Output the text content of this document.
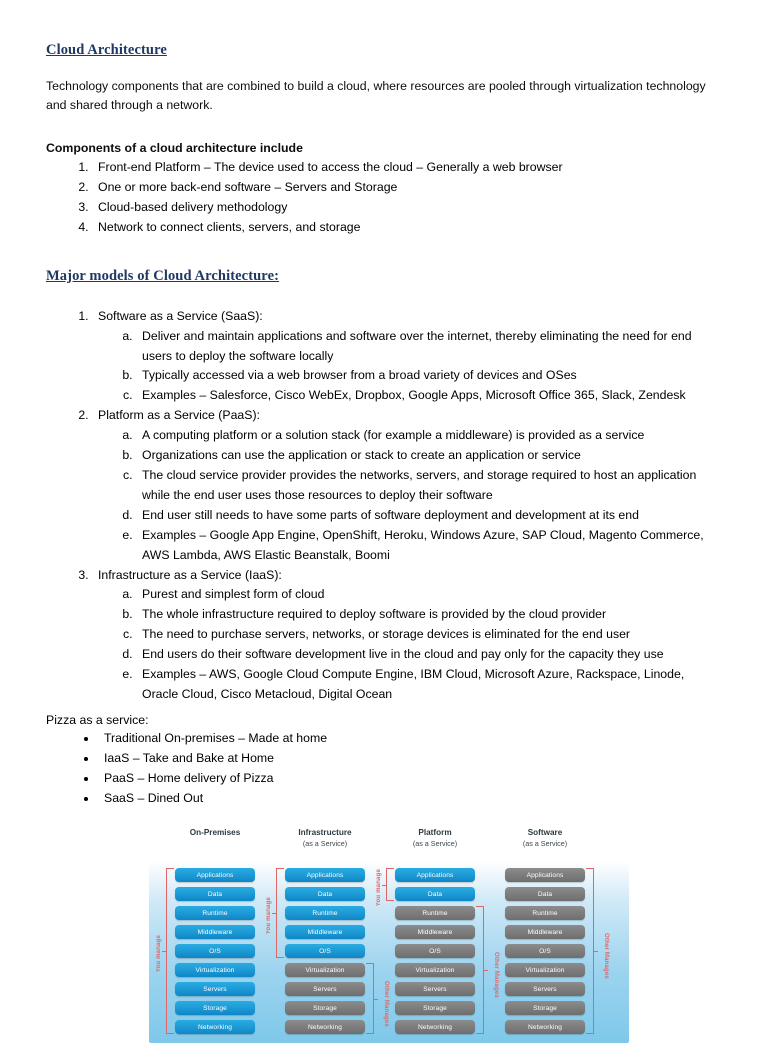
Cloud Architecture

Technology components that are combined to build a cloud, where resources are pooled through virtualization technology and shared through a network.

Components of a cloud architecture include
1. Front-end Platform – The device used to access the cloud – Generally a web browser
2. One or more back-end software – Servers and Storage
3. Cloud-based delivery methodology
4. Network to connect clients, servers, and storage
Major models of Cloud Architecture:
1. Software as a Service (SaaS):
a. Deliver and maintain applications and software over the internet, thereby eliminating the need for end users to deploy the software locally
b. Typically accessed via a web browser from a broad variety of devices and OSes
c. Examples – Salesforce, Cisco WebEx, Dropbox, Google Apps, Microsoft Office 365, Slack, Zendesk
2. Platform as a Service (PaaS):
a. A computing platform or a solution stack (for example a middleware) is provided as a service
b. Organizations can use the application or stack to create an application or service
c. The cloud service provider provides the networks, servers, and storage required to host an application while the end user uses those resources to deploy their software
d. End user still needs to have some parts of software deployment and development at its end
e. Examples – Google App Engine, OpenShift, Heroku, Windows Azure, SAP Cloud, Magento Commerce, AWS Lambda, AWS Elastic Beanstalk, Boomi
3. Infrastructure as a Service (IaaS):
a. Purest and simplest form of cloud
b. The whole infrastructure required to deploy software is provided by the cloud provider
c. The need to purchase servers, networks, or storage devices is eliminated for the end user
d. End users do their software development live in the cloud and pay only for the capacity they use
e. Examples – AWS, Google Cloud Compute Engine, IBM Cloud, Microsoft Azure, Rackspace, Linode, Oracle Cloud, Cisco Metacloud, Digital Ocean
Pizza as a service:
• Traditional On-premises – Made at home
• IaaS – Take and Bake at Home
• PaaS – Home delivery of Pizza
• SaaS – Dined Out
On-Premises
Applications
Data
Runtime
Middleware
O/S
Virtualization
Servers
Storage
Networking
You manage
Infrastructure
(as a Service)
Applications
Data
Runtime
Middleware
O/S
Virtualization
Servers
Storage
Networking
You manage
Other Manages
Platform
(as a Service)
Applications
Data
Runtime
Middleware
O/S
Virtualization
Servers
Storage
Networking
You manage
Other Manages
Software
(as a Service)
Applications
Data
Runtime
Middleware
O/S
Virtualization
Servers
Storage
Networking
Other Manages
